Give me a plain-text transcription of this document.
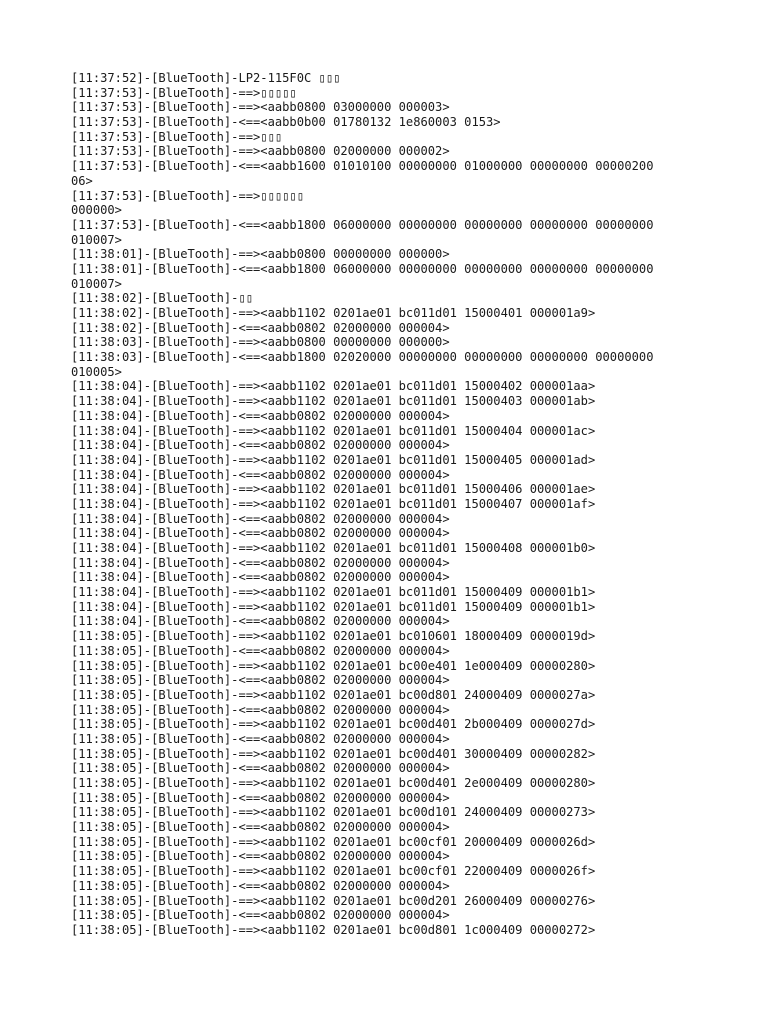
[11:37:52]-[BlueTooth]-LP2-115F0C ▯▯▯
[11:37:53]-[BlueTooth]-==>▯▯▯▯▯
[11:37:53]-[BlueTooth]-==><aabb0800 03000000 000003>
[11:37:53]-[BlueTooth]-<==<aabb0b00 01780132 1e860003 0153>
[11:37:53]-[BlueTooth]-==>▯▯▯
[11:37:53]-[BlueTooth]-==><aabb0800 02000000 000002>
[11:37:53]-[BlueTooth]-<==<aabb1600 01010100 00000000 01000000 00000000 00000200
06>
[11:37:53]-[BlueTooth]-==>▯▯▯▯▯▯
000000>
[11:37:53]-[BlueTooth]-<==<aabb1800 06000000 00000000 00000000 00000000 00000000
010007>
[11:38:01]-[BlueTooth]-==><aabb0800 00000000 000000>
[11:38:01]-[BlueTooth]-<==<aabb1800 06000000 00000000 00000000 00000000 00000000
010007>
[11:38:02]-[BlueTooth]-▯▯
[11:38:02]-[BlueTooth]-==><aabb1102 0201ae01 bc011d01 15000401 000001a9>
[11:38:02]-[BlueTooth]-<==<aabb0802 02000000 000004>
[11:38:03]-[BlueTooth]-==><aabb0800 00000000 000000>
[11:38:03]-[BlueTooth]-<==<aabb1800 02020000 00000000 00000000 00000000 00000000
010005>
[11:38:04]-[BlueTooth]-==><aabb1102 0201ae01 bc011d01 15000402 000001aa>
[11:38:04]-[BlueTooth]-==><aabb1102 0201ae01 bc011d01 15000403 000001ab>
[11:38:04]-[BlueTooth]-<==<aabb0802 02000000 000004>
[11:38:04]-[BlueTooth]-==><aabb1102 0201ae01 bc011d01 15000404 000001ac>
[11:38:04]-[BlueTooth]-<==<aabb0802 02000000 000004>
[11:38:04]-[BlueTooth]-==><aabb1102 0201ae01 bc011d01 15000405 000001ad>
[11:38:04]-[BlueTooth]-<==<aabb0802 02000000 000004>
[11:38:04]-[BlueTooth]-==><aabb1102 0201ae01 bc011d01 15000406 000001ae>
[11:38:04]-[BlueTooth]-==><aabb1102 0201ae01 bc011d01 15000407 000001af>
[11:38:04]-[BlueTooth]-<==<aabb0802 02000000 000004>
[11:38:04]-[BlueTooth]-<==<aabb0802 02000000 000004>
[11:38:04]-[BlueTooth]-==><aabb1102 0201ae01 bc011d01 15000408 000001b0>
[11:38:04]-[BlueTooth]-<==<aabb0802 02000000 000004>
[11:38:04]-[BlueTooth]-<==<aabb0802 02000000 000004>
[11:38:04]-[BlueTooth]-==><aabb1102 0201ae01 bc011d01 15000409 000001b1>
[11:38:04]-[BlueTooth]-==><aabb1102 0201ae01 bc011d01 15000409 000001b1>
[11:38:04]-[BlueTooth]-<==<aabb0802 02000000 000004>
[11:38:05]-[BlueTooth]-==><aabb1102 0201ae01 bc010601 18000409 0000019d>
[11:38:05]-[BlueTooth]-<==<aabb0802 02000000 000004>
[11:38:05]-[BlueTooth]-==><aabb1102 0201ae01 bc00e401 1e000409 00000280>
[11:38:05]-[BlueTooth]-<==<aabb0802 02000000 000004>
[11:38:05]-[BlueTooth]-==><aabb1102 0201ae01 bc00d801 24000409 0000027a>
[11:38:05]-[BlueTooth]-<==<aabb0802 02000000 000004>
[11:38:05]-[BlueTooth]-==><aabb1102 0201ae01 bc00d401 2b000409 0000027d>
[11:38:05]-[BlueTooth]-<==<aabb0802 02000000 000004>
[11:38:05]-[BlueTooth]-==><aabb1102 0201ae01 bc00d401 30000409 00000282>
[11:38:05]-[BlueTooth]-<==<aabb0802 02000000 000004>
[11:38:05]-[BlueTooth]-==><aabb1102 0201ae01 bc00d401 2e000409 00000280>
[11:38:05]-[BlueTooth]-<==<aabb0802 02000000 000004>
[11:38:05]-[BlueTooth]-==><aabb1102 0201ae01 bc00d101 24000409 00000273>
[11:38:05]-[BlueTooth]-<==<aabb0802 02000000 000004>
[11:38:05]-[BlueTooth]-==><aabb1102 0201ae01 bc00cf01 20000409 0000026d>
[11:38:05]-[BlueTooth]-<==<aabb0802 02000000 000004>
[11:38:05]-[BlueTooth]-==><aabb1102 0201ae01 bc00cf01 22000409 0000026f>
[11:38:05]-[BlueTooth]-<==<aabb0802 02000000 000004>
[11:38:05]-[BlueTooth]-==><aabb1102 0201ae01 bc00d201 26000409 00000276>
[11:38:05]-[BlueTooth]-<==<aabb0802 02000000 000004>
[11:38:05]-[BlueTooth]-==><aabb1102 0201ae01 bc00d801 1c000409 00000272>
